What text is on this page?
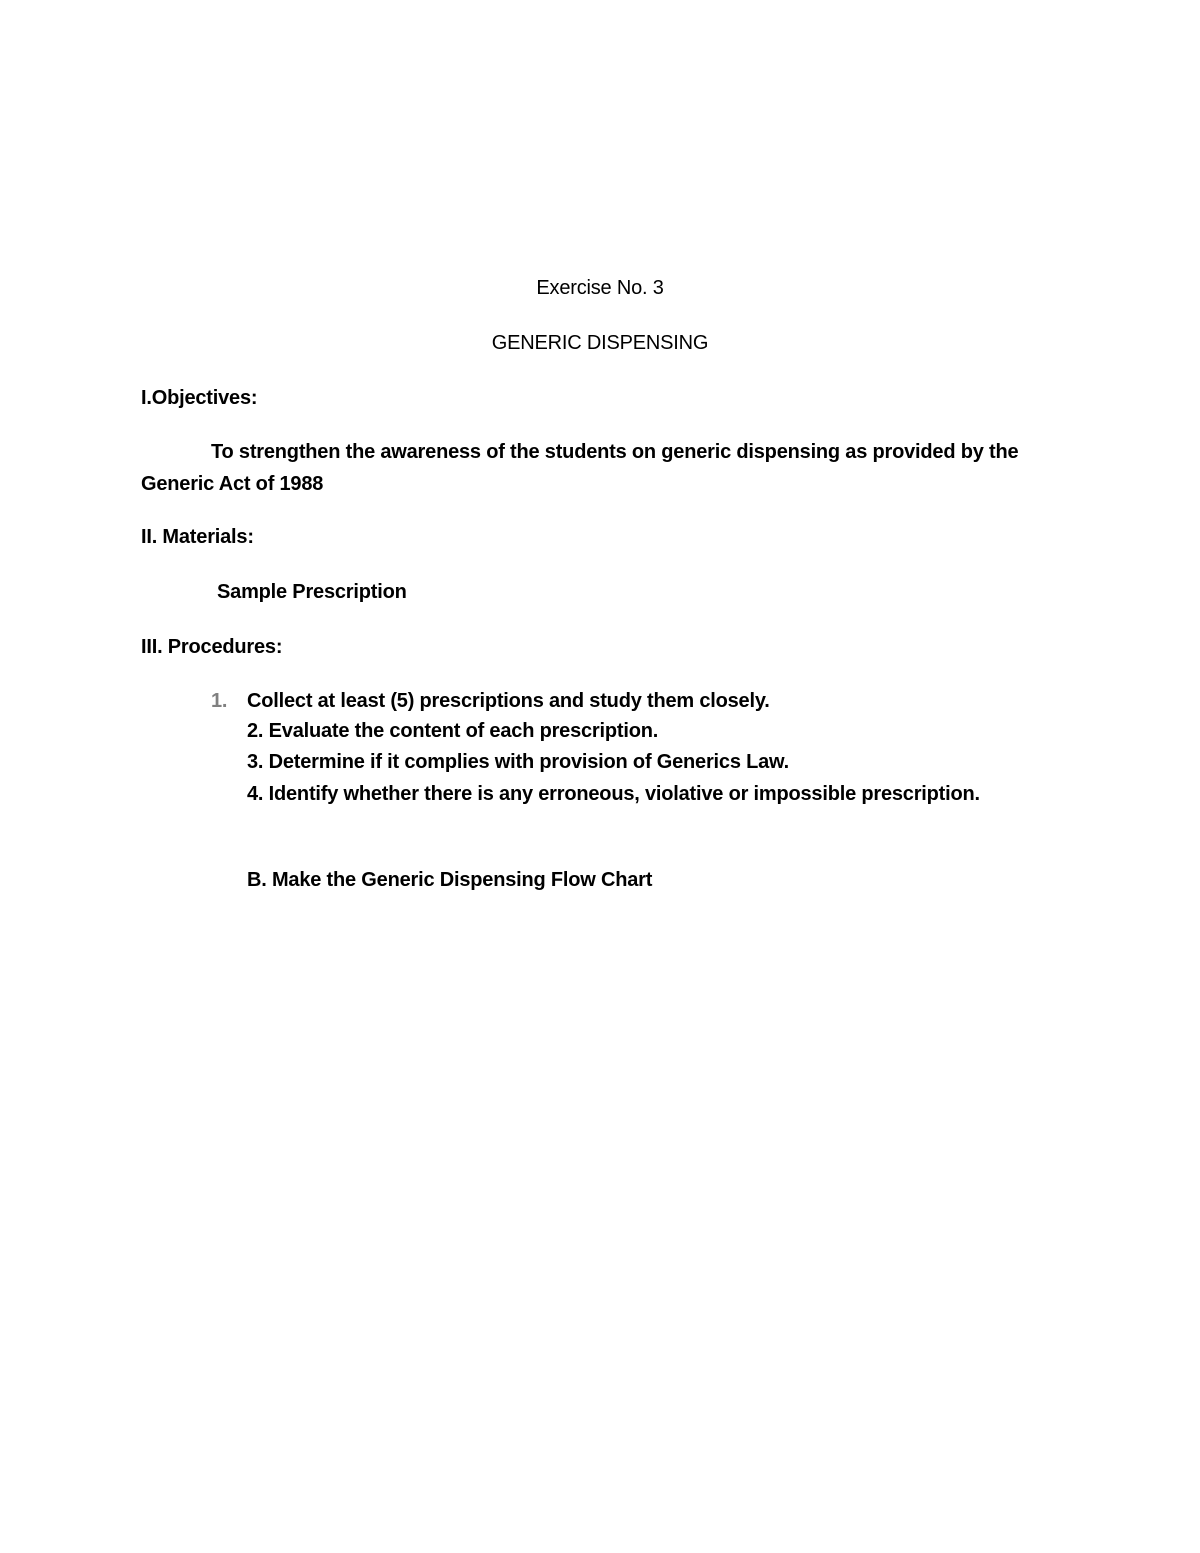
Exercise No. 3
GENERIC DISPENSING
I.Objectives:
To strengthen the awareness of the students on generic dispensing as provided by the
Generic Act of 1988
II. Materials:
Sample Prescription
III. Procedures:
1. Collect at least (5) prescriptions and study them closely.
2. Evaluate the content of each prescription.
3. Determine if it complies with provision of Generics Law.
4. Identify whether there is any erroneous, violative or impossible prescription.
B. Make the Generic Dispensing Flow Chart
